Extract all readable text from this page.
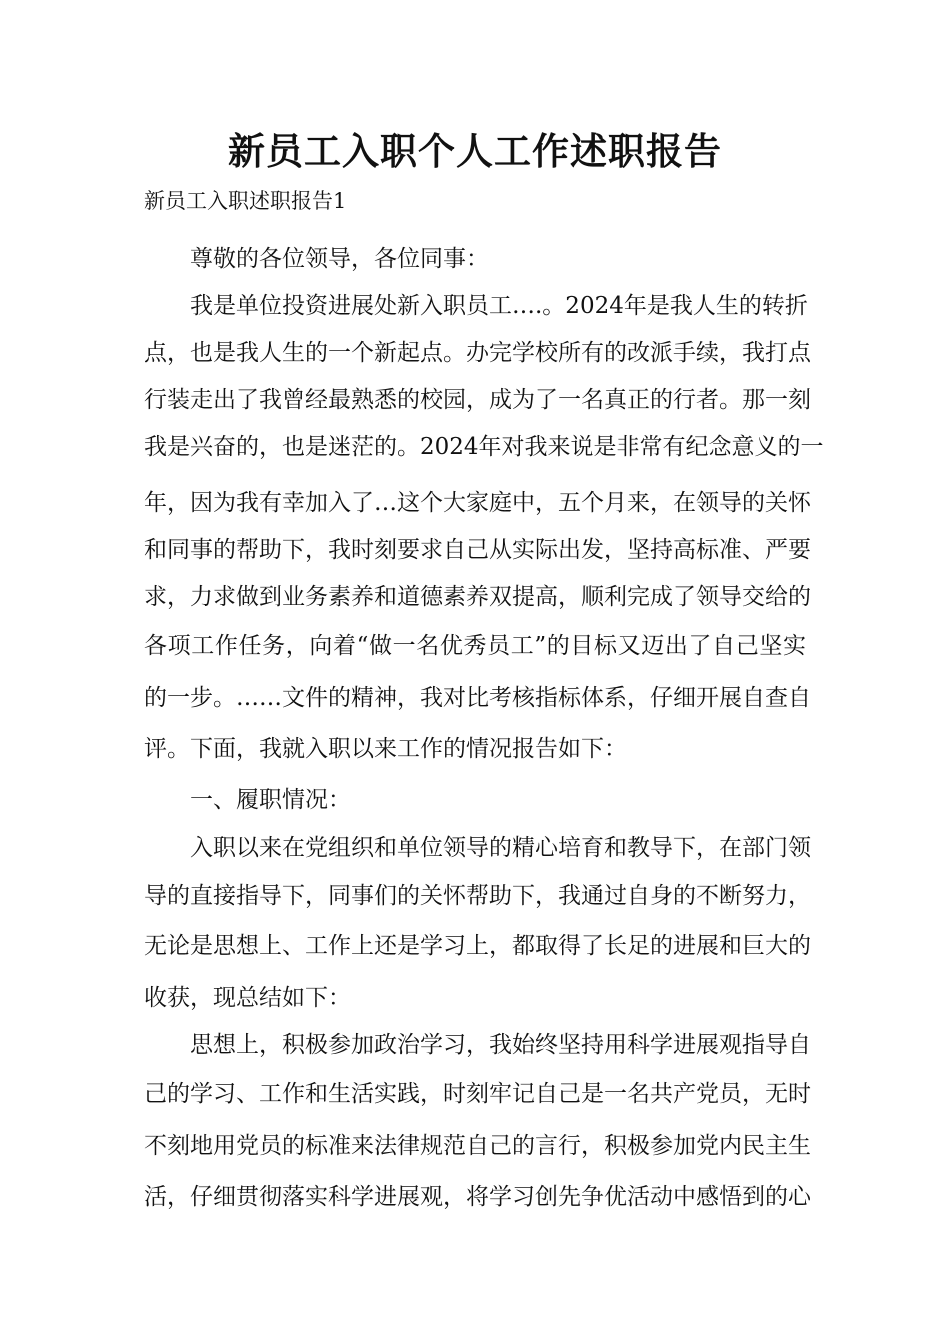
新员工入职个人工作述职报告

新员工入职述职报告1

尊敬的各位领导，各位同事：

我是单位投资进展处新入职员工….。2024年是我人生的转折

点，也是我人生的一个新起点。办完学校所有的改派手续，我打点

行装走出了我曾经最熟悉的校园，成为了一名真正的行者。那一刻

我是兴奋的，也是迷茫的。2024年对我来说是非常有纪念意义的一

年，因为我有幸加入了…这个大家庭中，五个月来，在领导的关怀

和同事的帮助下，我时刻要求自己从实际出发，坚持高标准、严要

求，力求做到业务素养和道德素养双提高，顺利完成了领导交给的

各项工作任务，向着“做一名优秀员工”的目标又迈出了自己坚实

的一步。……文件的精神，我对比考核指标体系，仔细开展自查自

评。下面，我就入职以来工作的情况报告如下：

一、履职情况：

入职以来在党组织和单位领导的精心培育和教导下，在部门领

导的直接指导下，同事们的关怀帮助下，我通过自身的不断努力，

无论是思想上、工作上还是学习上，都取得了长足的进展和巨大的

收获，现总结如下：

思想上，积极参加政治学习，我始终坚持用科学进展观指导自

己的学习、工作和生活实践，时刻牢记自己是一名共产党员，无时

不刻地用党员的标准来法律规范自己的言行，积极参加党内民主生

活，仔细贯彻落实科学进展观，将学习创先争优活动中感悟到的心
